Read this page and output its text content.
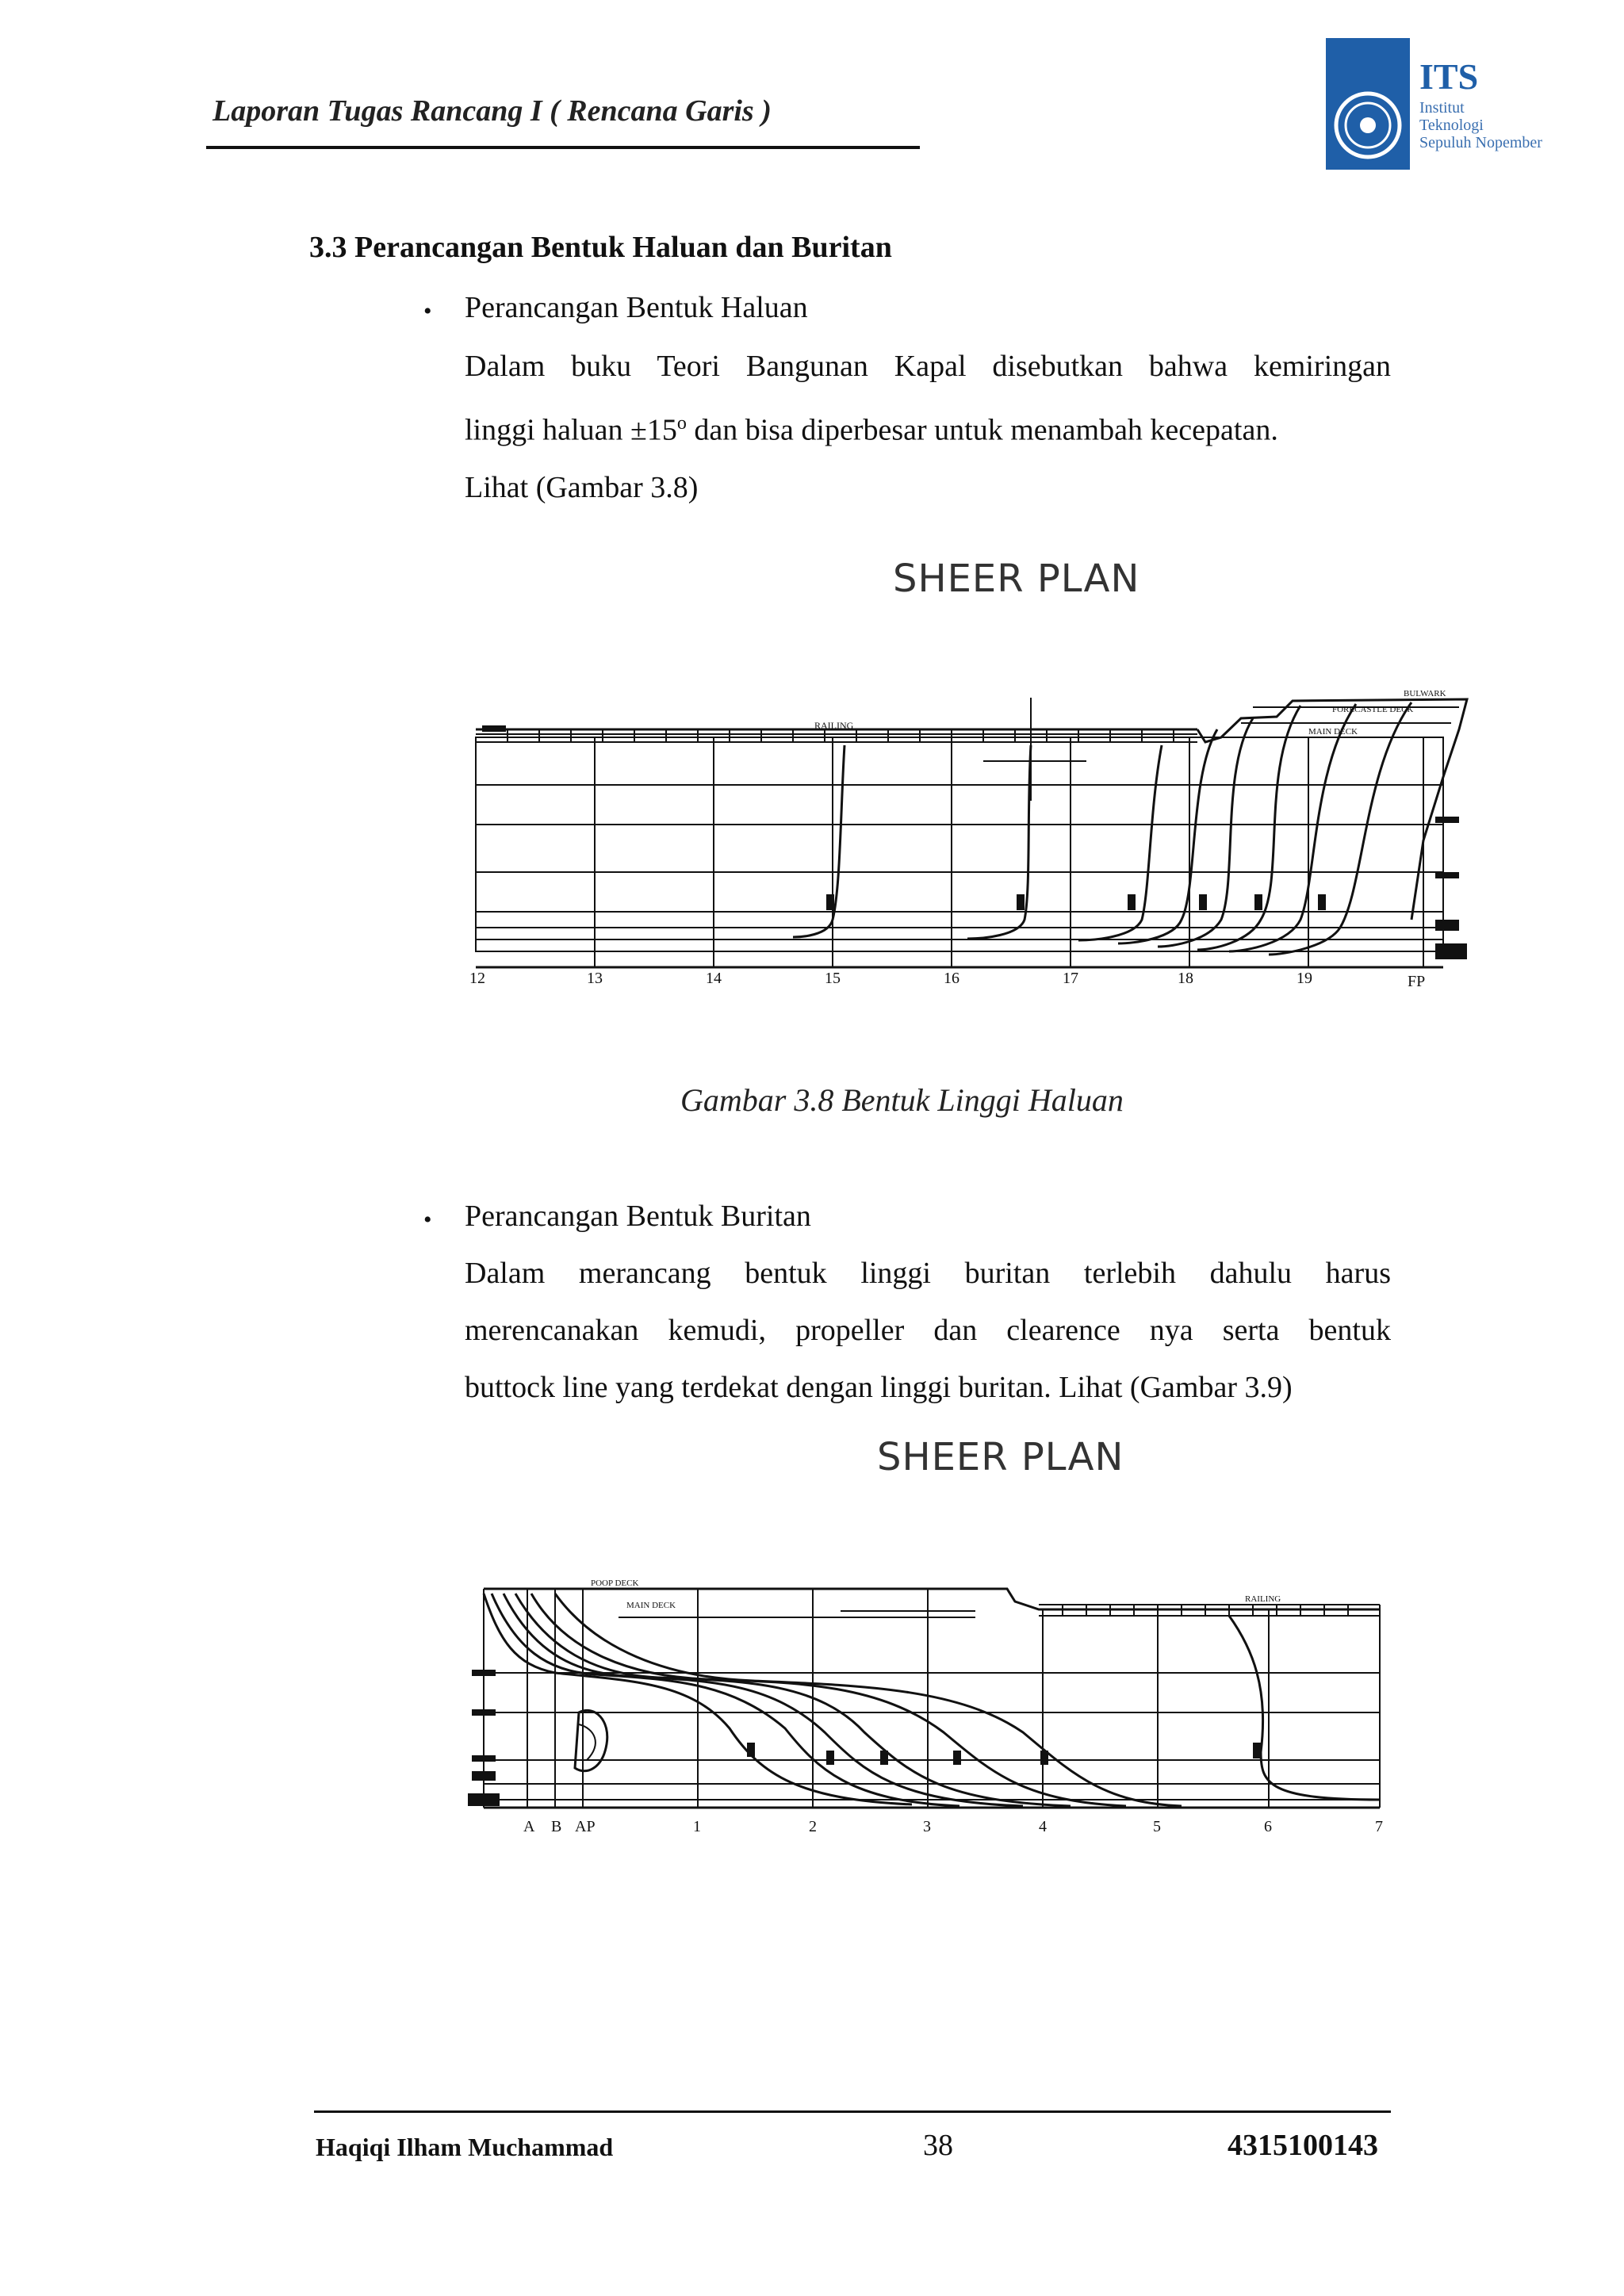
Laporan Tugas Rancang I ( Rencana Garis )
ITS
Institut
Teknologi
Sepuluh Nopember
3.3 Perancangan Bentuk Haluan dan Buritan
• Perancangan Bentuk Haluan
Dalam buku Teori Bangunan Kapal disebutkan bahwa kemiringan
linggi haluan $\pm 15^o$ dan bisa diperbesar untuk menambah kecepatan.
Lihat (Gambar 3.8)
SHEER PLAN
RAILING
BULWARK
FORECASTLE DECK
MAIN DECK
12	13	14	15	16	17	18	19	FP
Gambar 3.8 Bentuk Linggi Haluan
• Perancangan Bentuk Buritan
Dalam merancang bentuk linggi buritan terlebih dahulu harus
merencanakan kemudi, propeller dan clearence nya serta bentuk
buttock line yang terdekat dengan linggi buritan. Lihat (Gambar 3.9)
SHEER PLAN
POOP DECK
MAIN DECK
RAILING
A B AP	1	2	3	4	5	6	7
Haqiqi Ilham Muchammad	38	4315100143
